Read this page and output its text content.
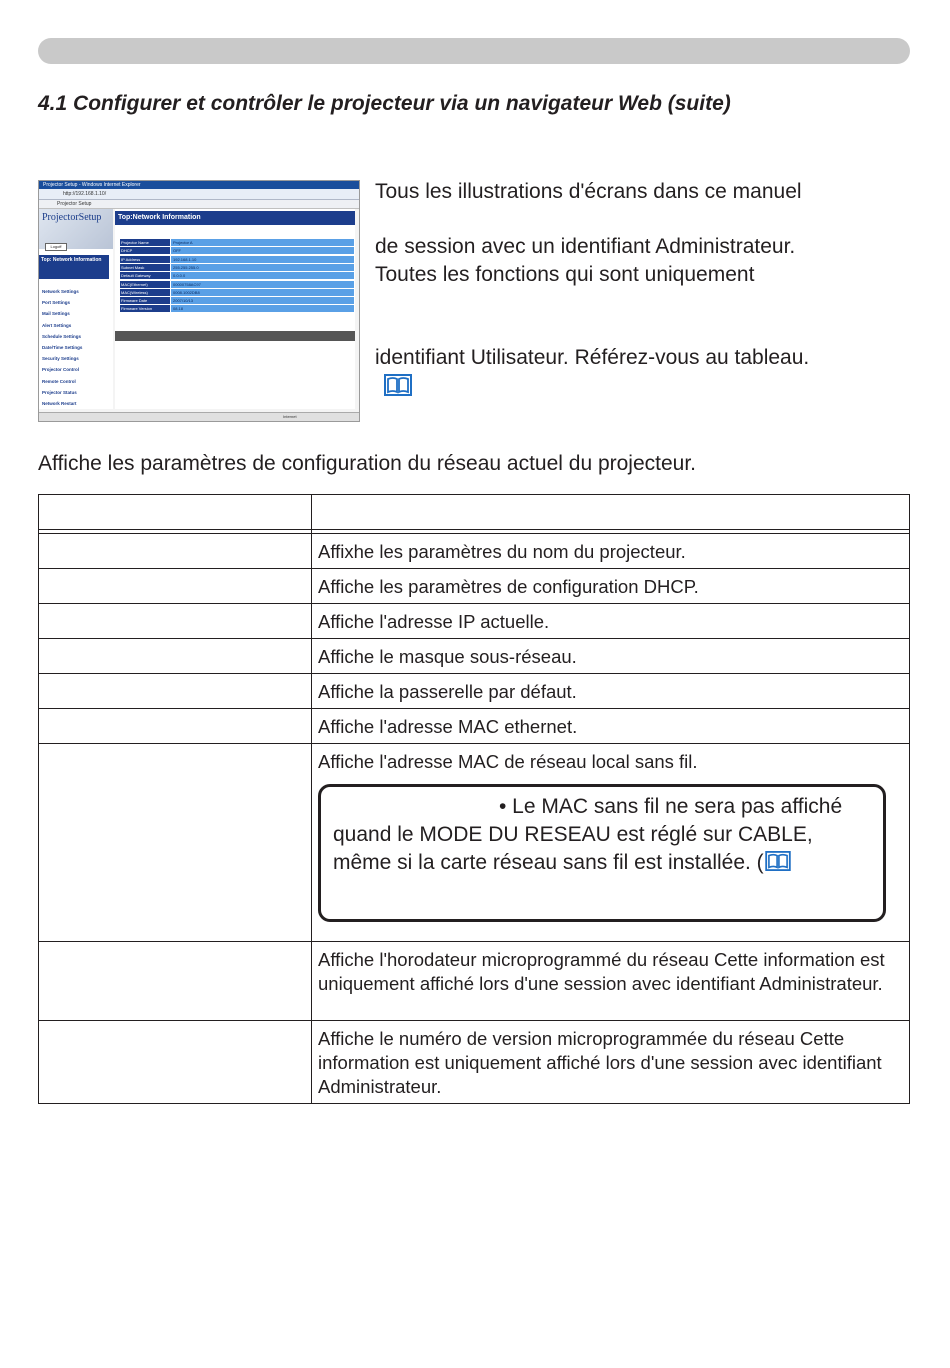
4.1 Configurer et contrôler le projecteur via un navigateur Web (suite)
Projector Setup - Windows Internet Explorer
http://192.168.1.10/
Projector Setup
ProjectorSetup
Logoff
Top: Network Information
Network Settings
Port Settings
Mail Settings
Alert Settings
Schedule Settings
Date/Time Settings
Security Settings
Projector Control
Remote Control
Projector Status
Network Restart
Top:Network Information
Projector Name	Projector A
DHCP	OFF
IP Address	192.168.1.10
Subnet Mask	255.255.255.0
Default Gateway	0.0.0.0
MAC(Ethernet)	00000758AC97
MAC(Wireless)	0008.1002DB8
Firmware Date	2007/10/13
Firmware Version	08.18
Internet
Tous les illustrations d'écrans dans ce manuel
de session avec un identifiant Administrateur.
Toutes les fonctions qui sont uniquement
identifiant Utilisateur. Référez-vous au tableau.

Affiche les paramètres de configuration du réseau actuel du projecteur.

	Affixhe les paramètres du nom du projecteur.
	Affiche les paramètres de configuration DHCP.
	Affiche l'adresse IP actuelle.
	Affiche le masque sous-réseau.
	Affiche la passerelle par défaut.
	Affiche l'adresse MAC ethernet.

	Affiche l'adresse MAC de réseau local sans fil.
• Le MAC sans fil ne sera pas affiché
quand le MODE DU RESEAU est réglé sur CABLE,
même si la carte réseau sans fil est installée. (

	Affiche l'horodateur microprogrammé du réseau Cette information est uniquement affiché lors d'une session avec identifiant Administrateur.
	Affiche le numéro de version microprogrammée du réseau Cette information est uniquement affiché lors d'une session avec identifiant Administrateur.
